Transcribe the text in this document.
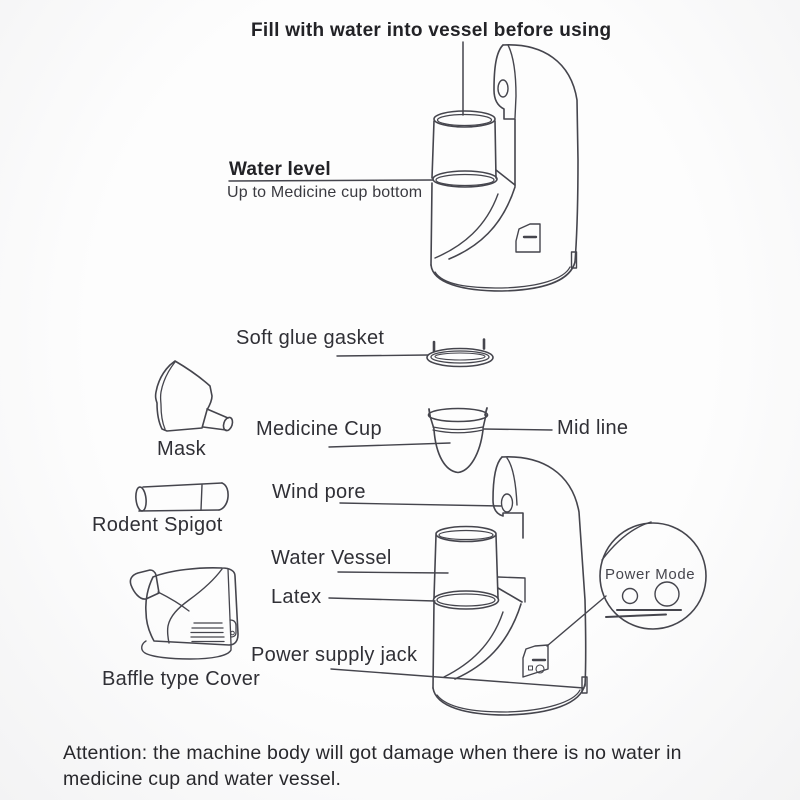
Fill with water into vessel before using
Water level
Up to Medicine cup bottom
Soft glue gasket
Mask
Medicine Cup	Mid line
Wind pore
Rodent Spigot
Water Vessel
Latex
Power supply jack
Baffle type Cover
Power Mode
Attention: the machine body will got damage when there is no water in
medicine cup and water vessel.
